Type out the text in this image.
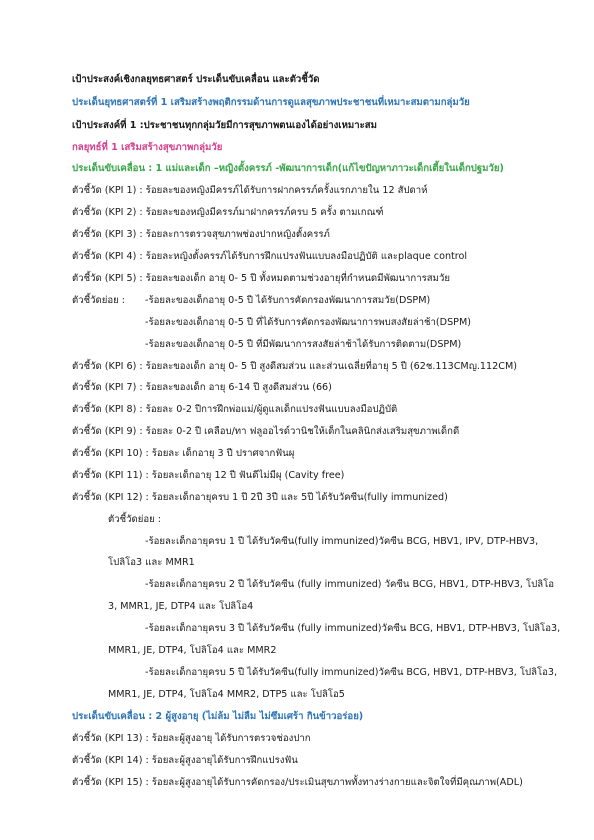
เป้าประสงค์เชิงกลยุทธศาสตร์ ประเด็นขับเคลื่อน และตัวชี้วัด
ประเด็นยุทธศาสตร์ที่ 1 เสริมสร้างพฤติกรรมด้านการดูแลสุขภาพประชาชนที่เหมาะสมตามกลุ่มวัย
เป้าประสงค์ที่ 1 :ประชาชนทุกกลุ่มวัยมีการสุขภาพตนเองได้อย่างเหมาะสม
กลยุทธ์ที่ 1 เสริมสร้างสุขภาพกลุ่มวัย
ประเด็นขับเคลื่อน : 1 แม่และเด็ก –หญิงตั้งครรภ์ -พัฒนาการเด็ก(แก้ไขปัญหาภาวะเด็กเตี้ยในเด็กปฐมวัย)
ตัวชี้วัด (KPI 1) : ร้อยละของหญิงมีครรภ์ได้รับการฝากครรภ์ครั้งแรกภายใน 12 สัปดาห์
ตัวชี้วัด (KPI 2) : ร้อยละของหญิงมีครรภ์มาฝากครรภ์ครบ 5 ครั้ง ตามเกณฑ์
ตัวชี้วัด (KPI 3) : ร้อยละการตรวจสุขภาพช่องปากหญิงตั้งครรภ์
ตัวชี้วัด (KPI 4) : ร้อยละหญิงตั้งครรภ์ได้รับการฝึกแปรงฟันแบบลงมือปฏิบัติ และplaque control
ตัวชี้วัด (KPI 5) : ร้อยละของเด็ก อายุ 0- 5 ปี ทั้งหมดตามช่วงอายุที่กำหนดมีพัฒนาการสมวัย
ตัวชี้วัดย่อย : -ร้อยละของเด็กอายุ 0-5 ปี ได้รับการคัดกรองพัฒนาการสมวัย(DSPM)
-ร้อยละของเด็กอายุ 0-5 ปี ที่ได้รับการคัดกรองพัฒนาการพบสงสัยล่าช้า(DSPM)
-ร้อยละของเด็กอายุ 0-5 ปี ที่มีพัฒนาการสงสัยล่าช้าได้รับการติดตาม(DSPM)
ตัวชี้วัด (KPI 6) : ร้อยละของเด็ก อายุ 0- 5 ปี สูงดีสมส่วน และส่วนเฉลี่ยที่อายุ 5 ปี (62ช.113CMญ.112CM)
ตัวชี้วัด (KPI 7) : ร้อยละของเด็ก อายุ 6-14 ปี สูงดีสมส่วน (66)
ตัวชี้วัด (KPI 8) : ร้อยละ 0-2 ปีการฝึกพ่อแม่/ผู้ดูแลเด็กแปรงฟันแบบลงมือปฏิบัติ
ตัวชี้วัด (KPI 9) : ร้อยละ 0-2 ปี เคลือบ/ทา ฟลูออไรด์วานิชให้เด็กในคลินิกส่งเสริมสุขภาพเด็กดี
ตัวชี้วัด (KPI 10) : ร้อยละ เด็กอายุ 3 ปี ปราศจากฟันผุ
ตัวชี้วัด (KPI 11) : ร้อยละเด็กอายุ 12 ปี ฟันดีไม่มีผุ (Cavity free)
ตัวชี้วัด (KPI 12) : ร้อยละเด็กอายุครบ 1 ปี 2ปี 3ปี และ 5ปี ได้รับวัคซีน(fully immunized)
ตัวชี้วัดย่อย :
-ร้อยละเด็กอายุครบ 1 ปี ได้รับวัคซีน(fully immunized)วัคซีน BCG, HBV1, IPV, DTP-HBV3,
โปลิโอ3 และ MMR1
-ร้อยละเด็กอายุครบ 2 ปี ได้รับวัคซีน (fully immunized) วัคซีน BCG, HBV1, DTP-HBV3, โปลิโอ
3, MMR1, JE, DTP4 และ โปลิโอ4
-ร้อยละเด็กอายุครบ 3 ปี ได้รับวัคซีน (fully immunized)วัคซีน BCG, HBV1, DTP-HBV3, โปลิโอ3,
MMR1, JE, DTP4, โปลิโอ4 และ MMR2
-ร้อยละเด็กอายุครบ 5 ปี ได้รับวัคซีน(fully immunized)วัคซีน BCG, HBV1, DTP-HBV3, โปลิโอ3,
MMR1, JE, DTP4, โปลิโอ4 MMR2, DTP5 และ โปลิโอ5
ประเด็นขับเคลื่อน : 2 ผู้สูงอายุ (ไม่ล้ม ไม่ลืม ไม่ซึมเศร้า กินข้าวอร่อย)
ตัวชี้วัด (KPI 13) : ร้อยละผู้สูงอายุ ได้รับการตรวจช่องปาก
ตัวชี้วัด (KPI 14) : ร้อยละผู้สูงอายุได้รับการฝึกแปรงฟัน
ตัวชี้วัด (KPI 15) : ร้อยละผู้สูงอายุได้รับการคัดกรอง/ประเมินสุขภาพทั้งทางร่างกายและจิตใจที่มีคุณภาพ(ADL)
